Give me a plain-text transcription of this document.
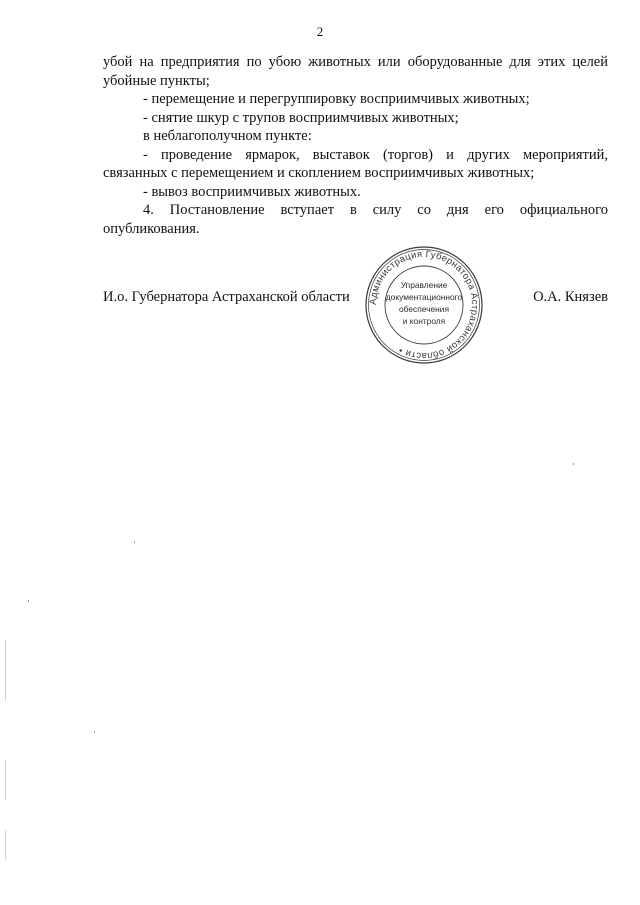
2

убой на предприятия по убою животных или оборудованные для этих целей убойные пункты;

- перемещение и перегруппировку восприимчивых животных;

- снятие шкур с трупов восприимчивых животных;

в неблагополучном пункте:

- проведение ярмарок, выставок (торгов) и других мероприятий, связанных с перемещением и скоплением восприимчивых животных;

- вывоз восприимчивых животных.

4. Постановление вступает в силу со дня его официального опубликования.

И.о. Губернатора Астраханской области	О.А. Князев
Администрация Губернатора Астраханской области •
Управление
документационного
обеспечения
и контроля
